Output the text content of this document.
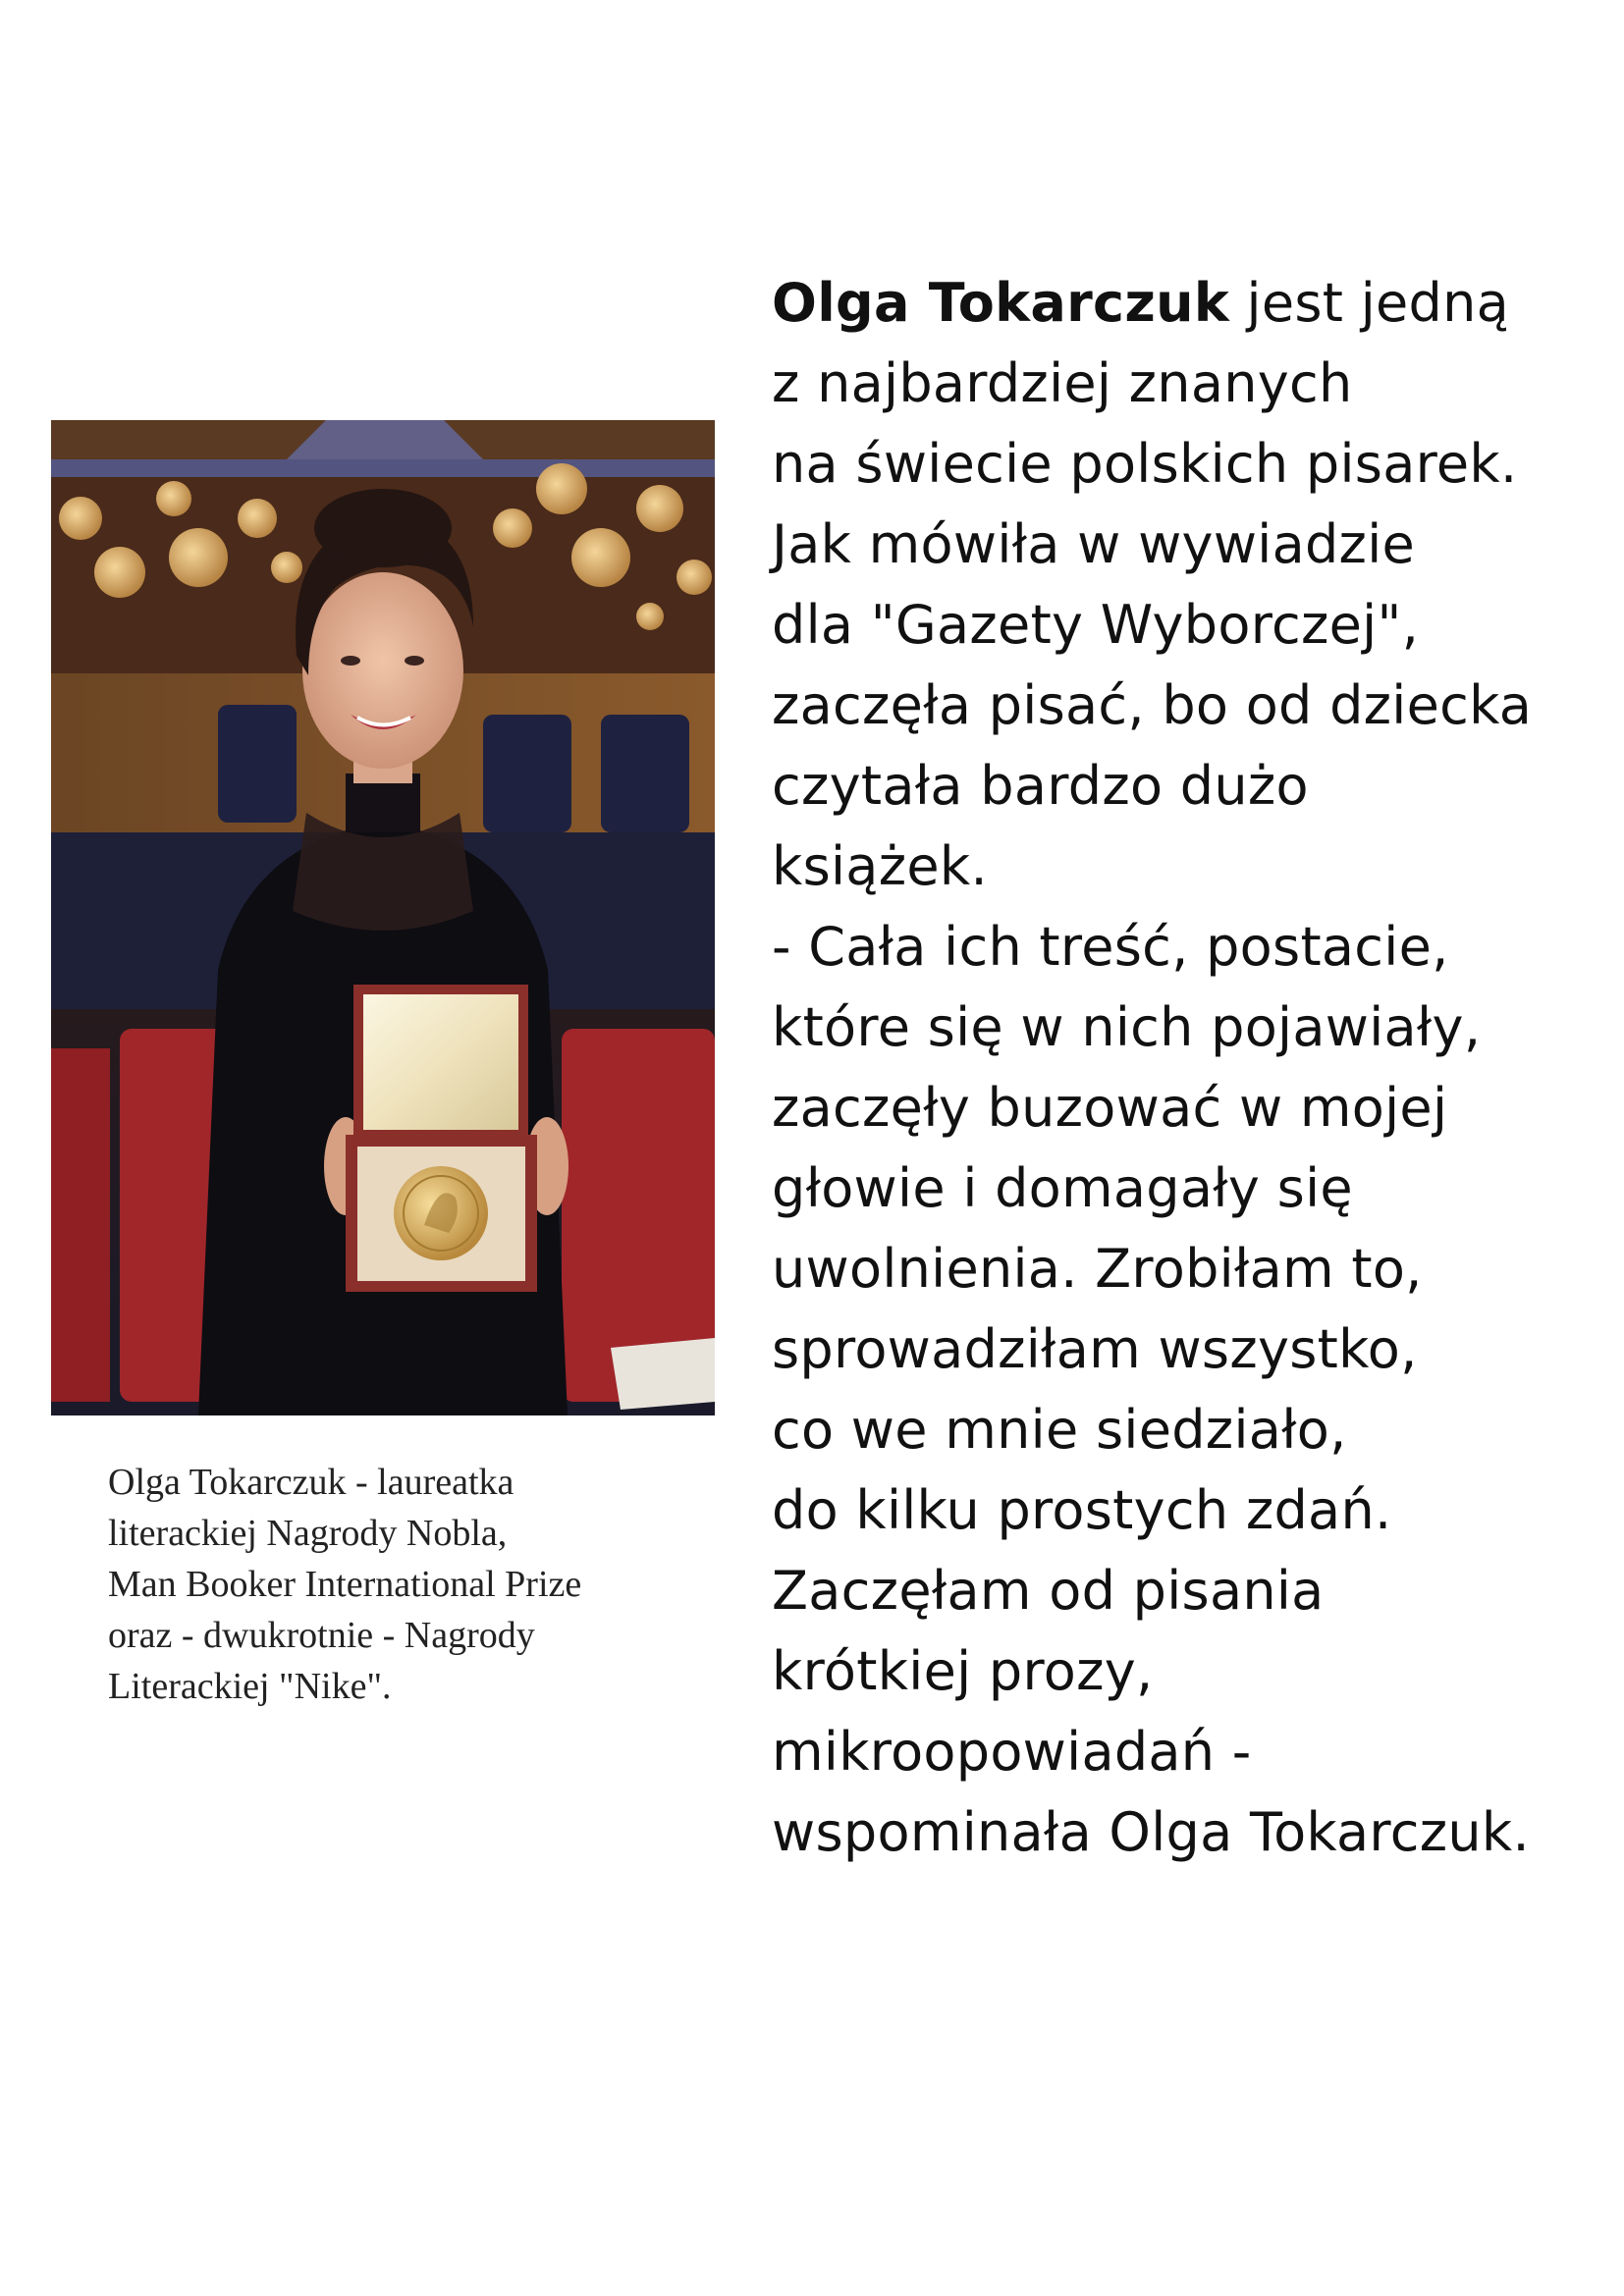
Olga Tokarczuk - laureatka
literackiej Nagrody Nobla,
Man Booker International Prize
oraz - dwukrotnie - Nagrody
Literackiej "Nike".
Olga Tokarczuk jest jedną
z najbardziej znanych
na świecie polskich pisarek.
Jak mówiła w wywiadzie
dla "Gazety Wyborczej",
zaczęła pisać, bo od dziecka
czytała bardzo dużo
książek.
- Cała ich treść, postacie,
które się w nich pojawiały,
zaczęły buzować w mojej
głowie i domagały się
uwolnienia. Zrobiłam to,
sprowadziłam wszystko,
co we mnie siedziało,
do kilku prostych zdań.
Zaczęłam od pisania
krótkiej prozy,
mikroopowiadań -
wspominała Olga Tokarczuk.
